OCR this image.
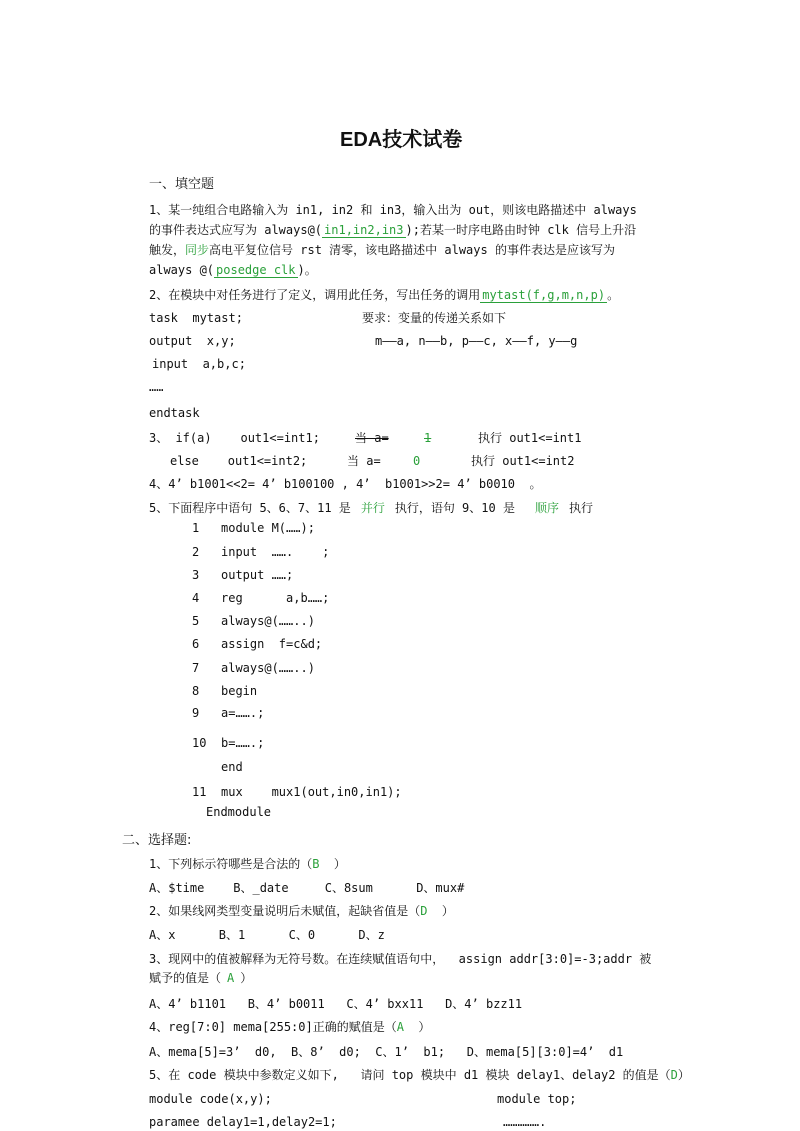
EDA技术试卷
一、填空题
1、某一纯组合电路输入为 in1, in2 和 in3，输入出为 out，则该电路描述中 always
的事件表达式应写为 always@( in1,in2,in3 );若某一时序电路由时钟 clk 信号上升沿
触发，同步高电平复位信号 rst 清零，该电路描述中 always 的事件表达是应该写为
always @( posedge clk )。
2、在模块中对任务进行了定义，调用此任务，写出任务的调用 mytast(f,g,m,n,p) 。
task  mytast;	要求：变量的传递关系如下
output  x,y;	m——a, n——b, p——c, x——f, y——g
input  a,b,c;
……
endtask
3、 if(a)    out1<=int1;	当 a=	1	执行 out1<=int1
else    out1<=int2;	当 a=	0	执行 out1<=int2
4、4’ b1001<<2= 4’ b100100 , 4’  b1001>>2= 4’ b0010  。
5、下面程序中语句 5、6、7、11 是 并行 执行，语句 9、10 是 顺序 执行
1 module M(……);
2 input  …….    ;
3 output ……;
4 reg      a,b……;
5 always@(……..)
6 assign  f=c&d;
7 always@(……..)
8 begin
9 a=…….;
10 b=…….;
end
11 mux    mux1(out,in0,in1);
Endmodule
二、选择题:
1、下列标示符哪些是合法的（B  ）
A、$time    B、_date     C、8sum      D、mux#
2、如果线网类型变量说明后未赋值，起缺省值是（D  ）
A、x      B、1      C、0      D、z
3、现网中的值被解释为无符号数。在连续赋值语句中，  assign addr[3:0]=-3;addr 被
赋予的值是（ A ）
A、4’ b1101   B、4’ b0011   C、4’ bxx11   D、4’ bzz11
4、reg[7:0] mema[255:0]正确的赋值是（A  ）
A、mema[5]=3’  d0,  B、8’  d0;  C、1’  b1;   D、mema[5][3:0]=4’  d1
5、在 code 模块中参数定义如下,   请问 top 模块中 d1 模块 delay1、delay2 的值是（D）
module code(x,y);	module top;
paramee delay1=1,delay2=1;	…………….
